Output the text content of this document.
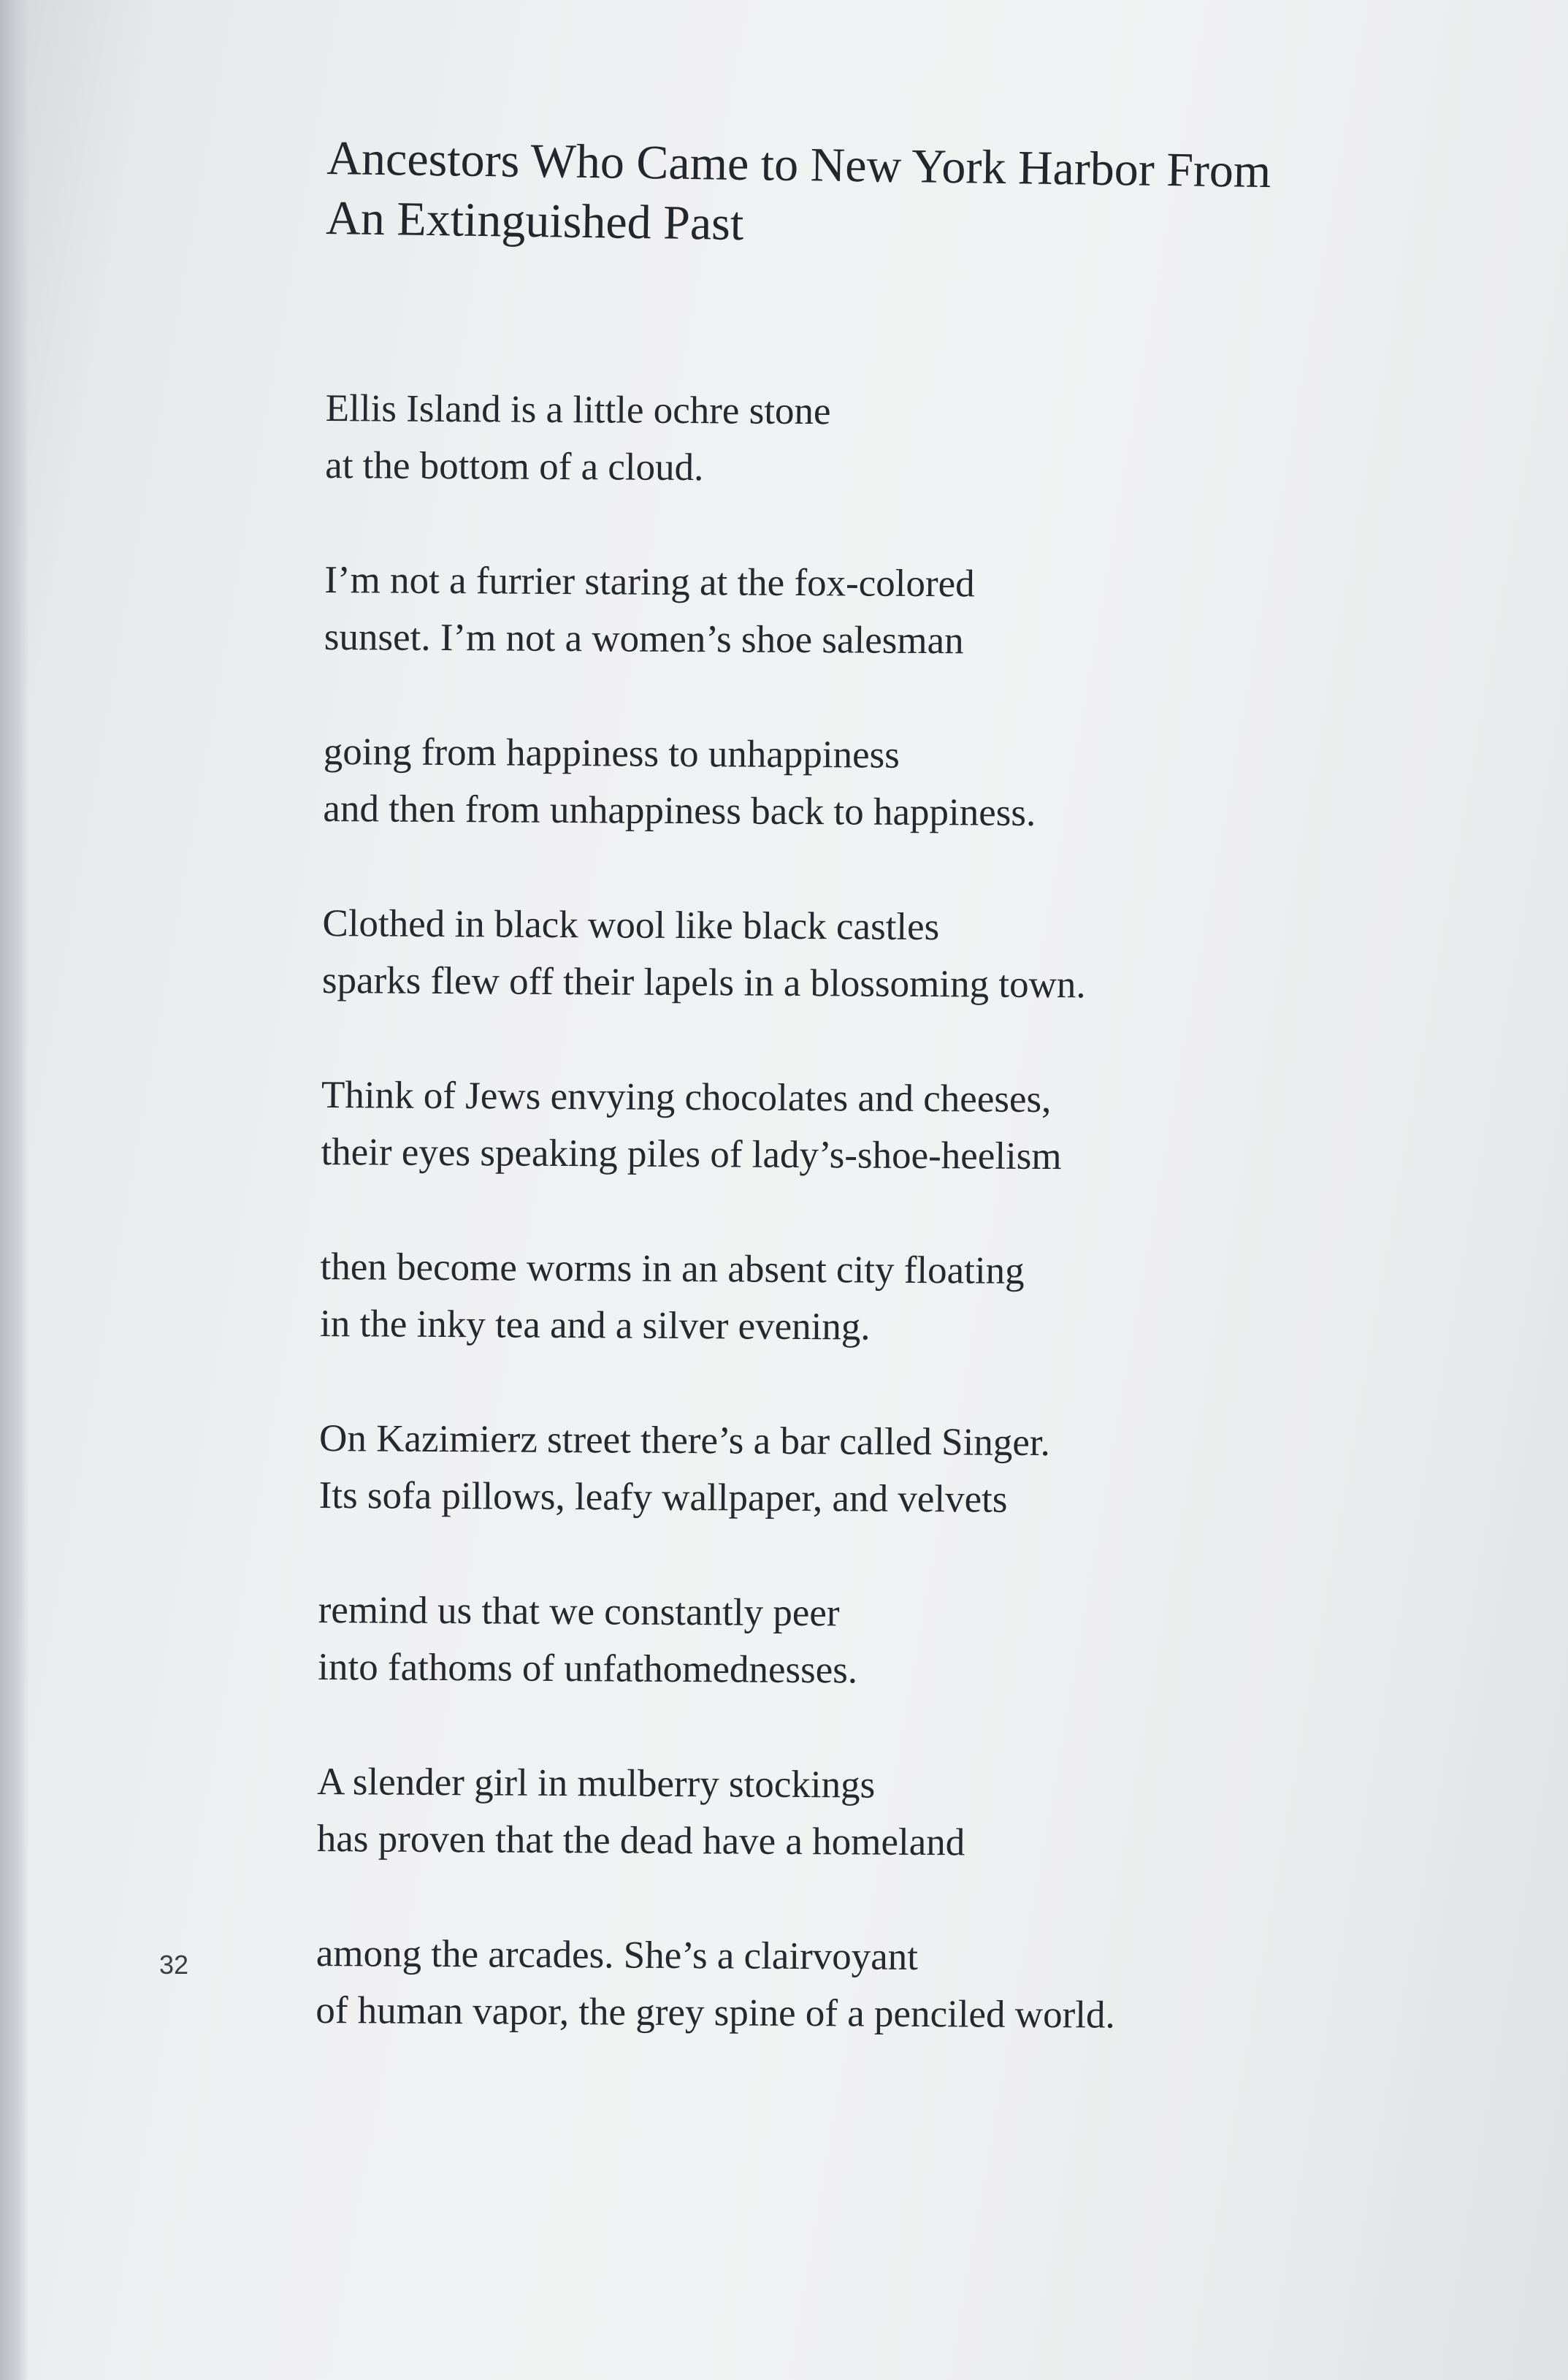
Ancestors Who Came to New York Harbor From
An Extinguished Past
Ellis Island is a little ochre stone
at the bottom of a cloud.
I’m not a furrier staring at the fox-colored
sunset. I’m not a women’s shoe salesman
going from happiness to unhappiness
and then from unhappiness back to happiness.
Clothed in black wool like black castles
sparks flew off their lapels in a blossoming town.
Think of Jews envying chocolates and cheeses,
their eyes speaking piles of lady’s-shoe-heelism
then become worms in an absent city floating
in the inky tea and a silver evening.
On Kazimierz street there’s a bar called Singer.
Its sofa pillows, leafy wallpaper, and velvets
remind us that we constantly peer
into fathoms of unfathomednesses.
A slender girl in mulberry stockings
has proven that the dead have a homeland
among the arcades. She’s a clairvoyant
of human vapor, the grey spine of a penciled world.
32
